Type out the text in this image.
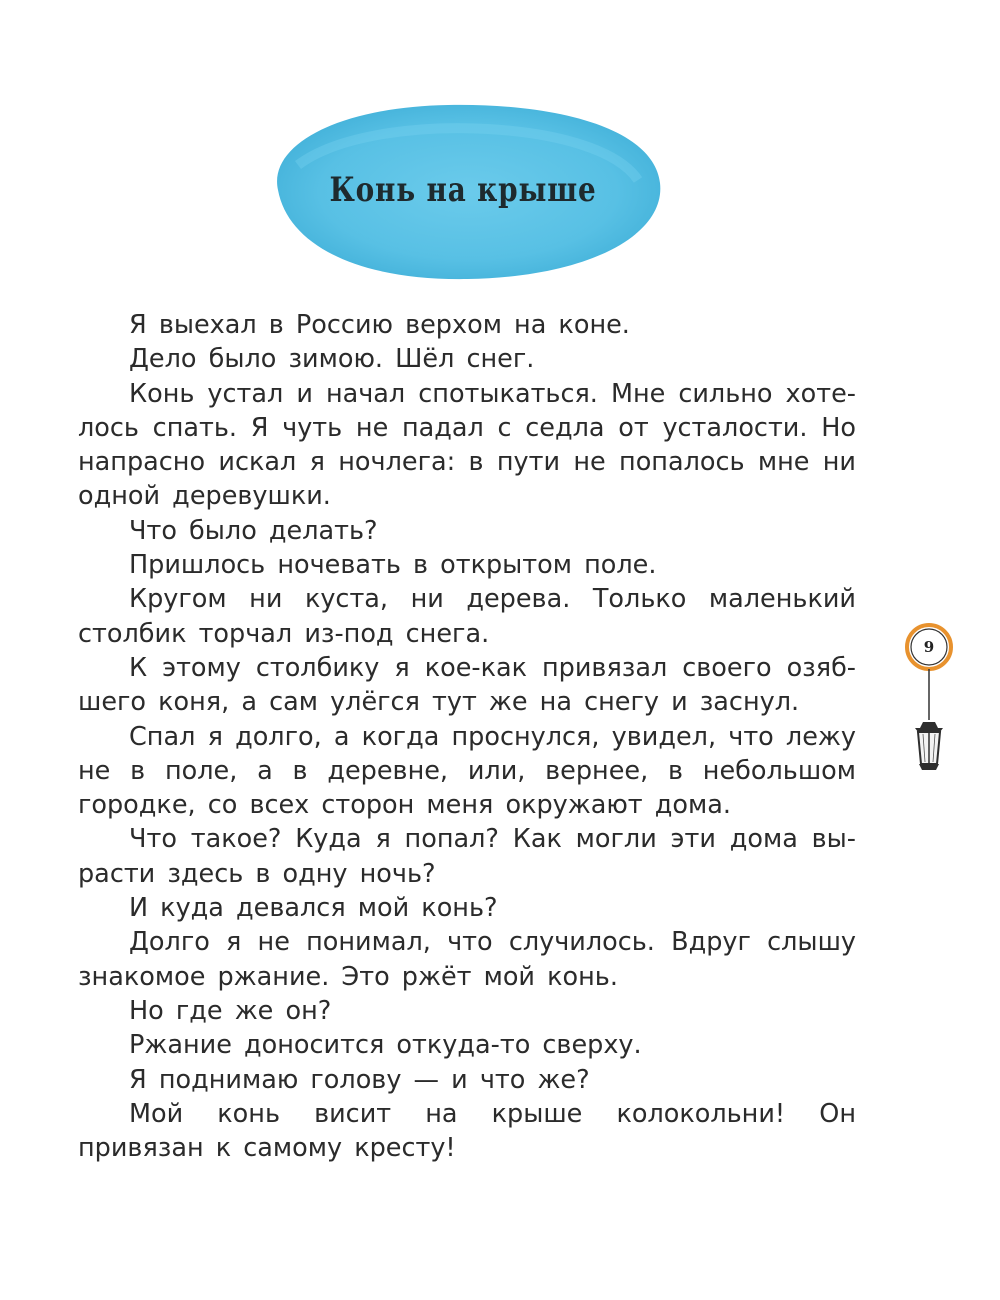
Конь на крыше

Я выехал в Россию верхом на коне.

Дело было зимою. Шёл снег.

Конь устал и начал спотыкаться. Мне сильно хотелось спать. Я чуть не падал с седла от усталости. Но напрасно искал я ночлега: в пути не попалось мне ни одной деревушки.

Что было делать?

Пришлось ночевать в открытом поле.

Кругом ни куста, ни дерева. Только маленький столбик торчал из-под снега.

К этому столбику я кое-как привязал своего озябшего коня, а сам улёгся тут же на снегу и заснул.

Спал я долго, а когда проснулся, увидел, что лежу не в поле, а в деревне, или, вернее, в небольшом городке, со всех сторон меня окружают дома.

Что такое? Куда я попал? Как могли эти дома вырасти здесь в одну ночь?

И куда девался мой конь?

Долго я не понимал, что случилось. Вдруг слышу знакомое ржание. Это ржёт мой конь.

Но где же он?

Ржание доносится откуда-то сверху.

Я поднимаю голову — и что же?

Мой конь висит на крыше колокольни! Он привязан к самому кресту!

9
